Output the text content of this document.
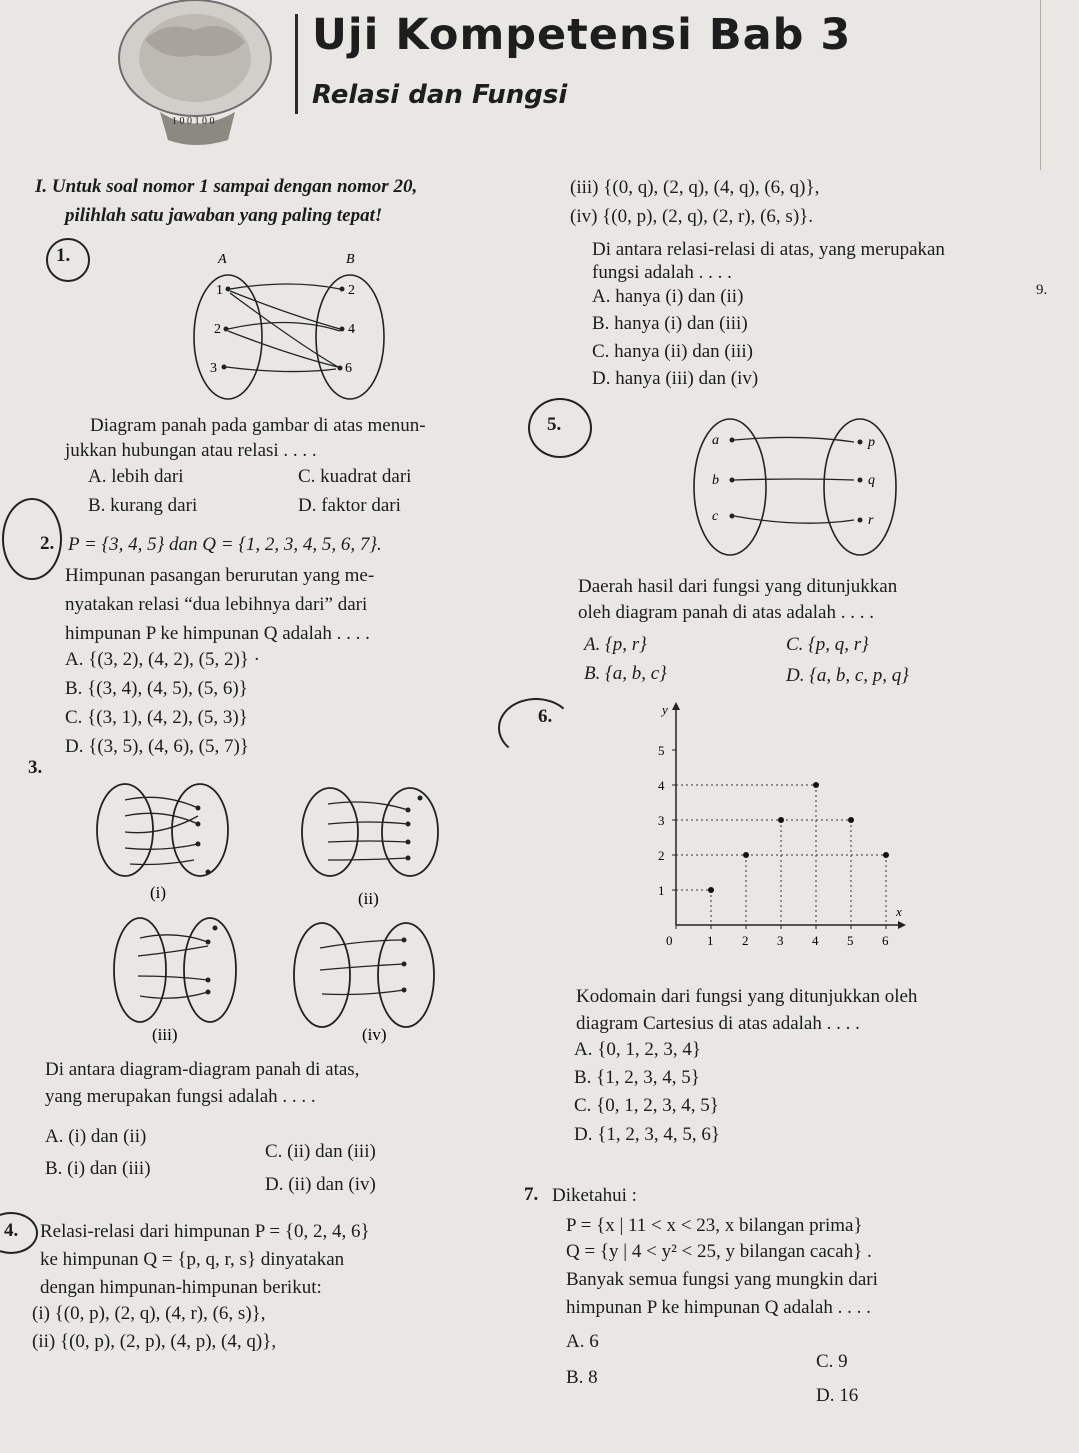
1 0 0 1 0 0
Uji Kompetensi Bab 3
Relasi dan Fungsi
9.
I. Untuk soal nomor 1 sampai dengan nomor 20,
pilihlah satu jawaban yang paling tepat!
1.	A	B
1
2
3
2
4
6
Diagram panah pada gambar di atas menun-
jukkan hubungan atau relasi . . . .
A. lebih dari
B. kurang dari
C. kuadrat dari
D. faktor dari
2. P = {3, 4, 5} dan Q = {1, 2, 3, 4, 5, 6, 7}.
Himpunan pasangan berurutan yang me-
nyatakan relasi “dua lebihnya dari” dari
himpunan P ke himpunan Q adalah . . . .
A. {(3, 2), (4, 2), (5, 2)} ·
B. {(3, 4), (4, 5), (5, 6)}
C. {(3, 1), (4, 2), (5, 3)}
D. {(3, 5), (4, 6), (5, 7)}
3.
(i)	(ii)
(iii)	(iv)
Di antara diagram-diagram panah di atas,
yang merupakan fungsi adalah . . . .
A. (i) dan (ii)
B. (i) dan (iii)
C. (ii) dan (iii)
D. (ii) dan (iv)
4. Relasi-relasi dari himpunan P = {0, 2, 4, 6}
ke himpunan Q = {p, q, r, s} dinyatakan
dengan himpunan-himpunan berikut:
(i) {(0, p), (2, q), (4, r), (6, s)},
(ii) {(0, p), (2, p), (4, p), (4, q)},
(iii) {(0, q), (2, q), (4, q), (6, q)},
(iv) {(0, p), (2, q), (2, r), (6, s)}.
Di antara relasi-relasi di atas, yang merupakan
fungsi adalah . . . .
A. hanya (i) dan (ii)
B. hanya (i) dan (iii)
C. hanya (ii) dan (iii)
D. hanya (iii) dan (iv)
5.
a
b
c
p
q
r
Daerah hasil dari fungsi yang ditunjukkan
oleh diagram panah di atas adalah . . . .
A. {p, r}
B. {a, b, c}
C. {p, q, r}
D. {a, b, c, p, q}
6.
x
y
0	1 2 3 4 5 6
1
2
3
4
5
Kodomain dari fungsi yang ditunjukkan oleh
diagram Cartesius di atas adalah . . . .
A. {0, 1, 2, 3, 4}
B. {1, 2, 3, 4, 5}
C. {0, 1, 2, 3, 4, 5}
D. {1, 2, 3, 4, 5, 6}
7. Diketahui :
P = {x | 11 < x < 23, x bilangan prima}
Q = {y | 4 < y² < 25, y bilangan cacah} .
Banyak semua fungsi yang mungkin dari
himpunan P ke himpunan Q adalah . . . .
A. 6
B. 8
C. 9
D. 16
